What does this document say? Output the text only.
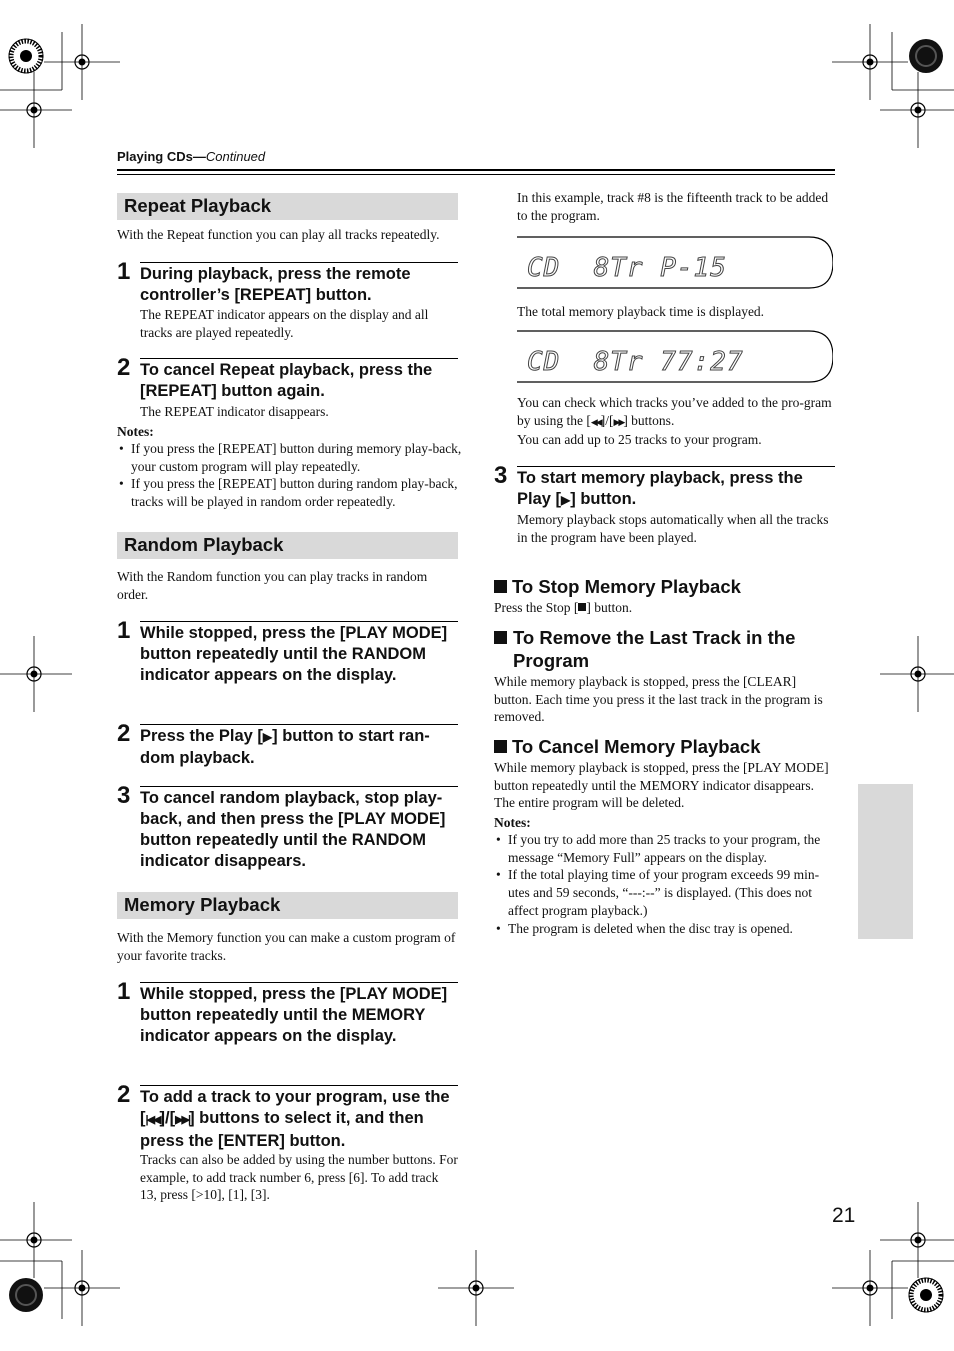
Playing CDs—Continued
Repeat Playback
With the Repeat function you can play all tracks repeatedly.
1 During playback, press the remote controller’s [REPEAT] button.
The REPEAT indicator appears on the display and all tracks are played repeatedly.
2 To cancel Repeat playback, press the [REPEAT] button again.
The REPEAT indicator disappears.
Notes:
• If you press the [REPEAT] button during memory play-back, your custom program will play repeatedly.
• If you press the [REPEAT] button during random play-back, tracks will be played in random order repeatedly.
Random Playback
With the Random function you can play tracks in random order.
1 While stopped, press the [PLAY MODE] button repeatedly until the RANDOM indicator appears on the display.
2 Press the Play [▶] button to start ran-dom playback.
3 To cancel random playback, stop play-back, and then press the [PLAY MODE] button repeatedly until the RANDOM indicator disappears.
Memory Playback
With the Memory function you can make a custom program of your favorite tracks.
1 While stopped, press the [PLAY MODE] button repeatedly until the MEMORY indicator appears on the display.
2 To add a track to your program, use the [|◀◀]/[▶▶|] buttons to select it, and then press the [ENTER] button.
Tracks can also be added by using the number buttons. For example, to add track number 6, press [6]. To add track 13, press [>10], [1], [3].
In this example, track #8 is the fifteenth track to be added to the program.
CD 8Tr P-15
The total memory playback time is displayed.
CD 8Tr 77:27
You can check which tracks you’ve added to the pro-gram by using the [◀◀]/[▶▶] buttons.
You can add up to 25 tracks to your program.
3 To start memory playback, press the Play [▶] button.
Memory playback stops automatically when all the tracks in the program have been played.
To Stop Memory Playback
Press the Stop [ ] button.
To Remove the Last Track in the Program
While memory playback is stopped, press the [CLEAR] button. Each time you press it the last track in the program is removed.
To Cancel Memory Playback
While memory playback is stopped, press the [PLAY MODE] button repeatedly until the MEMORY indicator disappears. The entire program will be deleted.
Notes:
• If you try to add more than 25 tracks to your program, the message “Memory Full” appears on the display.
• If the total playing time of your program exceeds 99 min-utes and 59 seconds, “---:--” is displayed. (This does not affect program playback.)
• The program is deleted when the disc tray is opened.
21
